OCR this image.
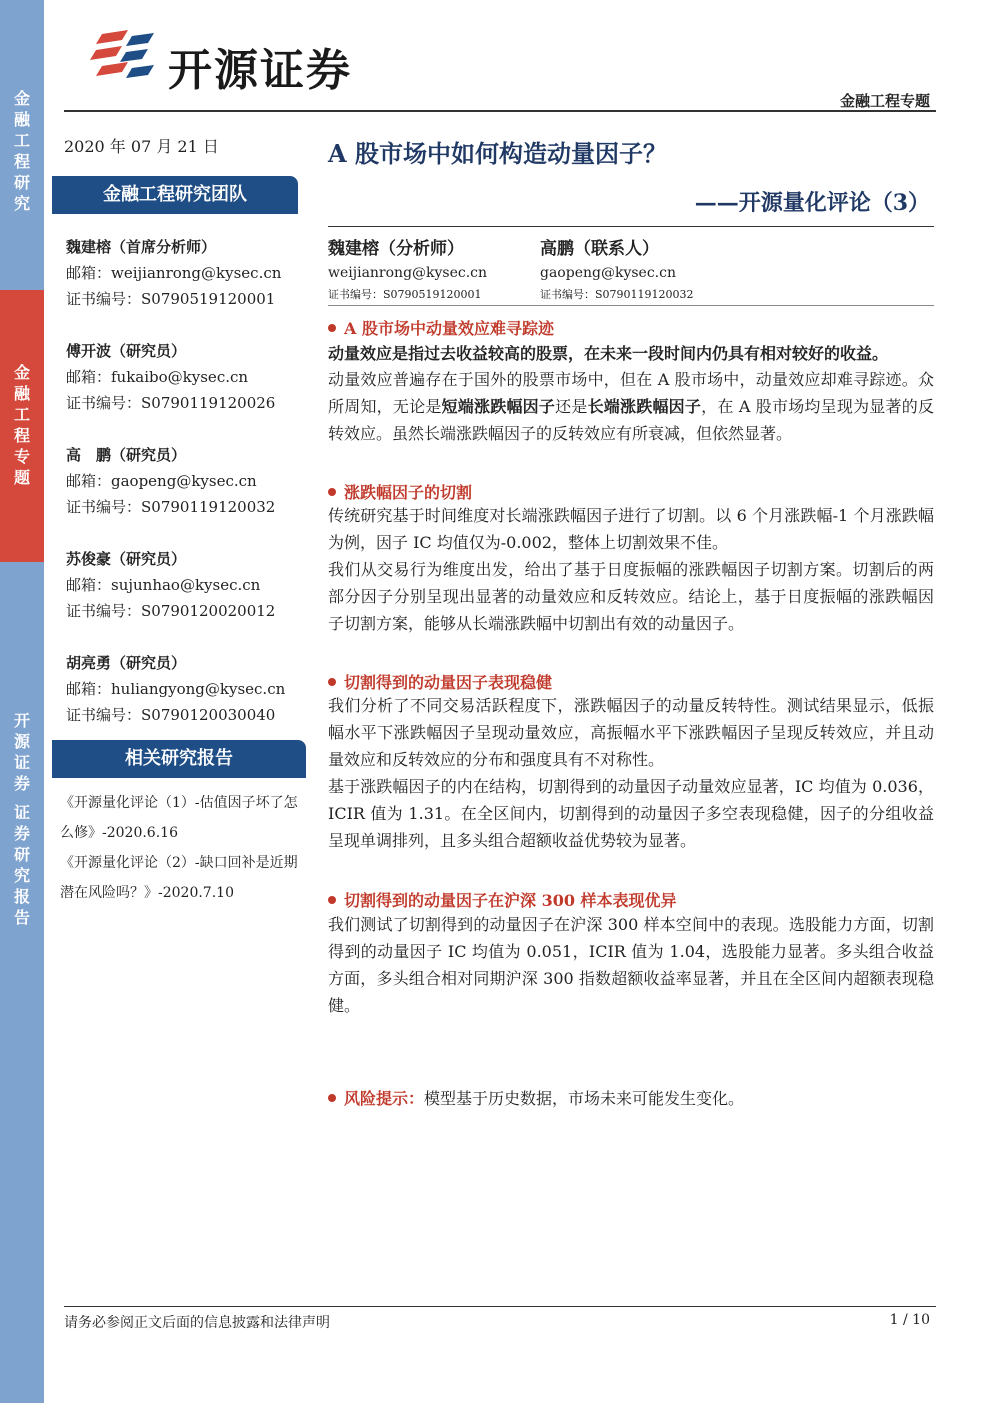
金
融
工
程
研
究
金
融
工
程
专
题
开
源
证
券

证
券
研
究
报
告
开源证券
金融工程专题
2020 年 07 月 21 日	A 股市场中如何构造动量因子？
——开源量化评论（3）
金融工程研究团队
魏建榕（首席分析师）
邮箱：weijianrong@kysec.cn
证书编号：S0790519120001
傅开波（研究员）
邮箱：fukaibo@kysec.cn
证书编号：S0790119120026
高　鹏（研究员）
邮箱：gaopeng@kysec.cn
证书编号：S0790119120032
苏俊豪（研究员）
邮箱：sujunhao@kysec.cn
证书编号：S0790120020012
胡亮勇（研究员）
邮箱：huliangyong@kysec.cn
证书编号：S0790120030040
相关研究报告
《开源量化评论（1）-估值因子坏了怎么修》-2020.6.16
《开源量化评论（2）-缺口回补是近期潜在风险吗？》-2020.7.10
魏建榕（分析师）
weijianrong@kysec.cn
证书编号：S0790519120001
高鹏（联系人）
gaopeng@kysec.cn
证书编号：S0790119120032
A 股市场中动量效应难寻踪迹
动量效应是指过去收益较高的股票，在未来一段时间内仍具有相对较好的收益。
动量效应普遍存在于国外的股票市场中，但在 A 股市场中，动量效应却难寻踪迹。众所周知，无论是短端涨跌幅因子还是长端涨跌幅因子，在 A 股市场均呈现为显著的反转效应。虽然长端涨跌幅因子的反转效应有所衰减，但依然显著。
涨跌幅因子的切割
传统研究基于时间维度对长端涨跌幅因子进行了切割。以 6 个月涨跌幅-1 个月涨跌幅为例，因子 IC 均值仅为-0.002，整体上切割效果不佳。
我们从交易行为维度出发，给出了基于日度振幅的涨跌幅因子切割方案。切割后的两部分因子分别呈现出显著的动量效应和反转效应。结论上，基于日度振幅的涨跌幅因子切割方案，能够从长端涨跌幅中切割出有效的动量因子。
切割得到的动量因子表现稳健
我们分析了不同交易活跃程度下，涨跌幅因子的动量反转特性。测试结果显示，低振幅水平下涨跌幅因子呈现动量效应，高振幅水平下涨跌幅因子呈现反转效应，并且动量效应和反转效应的分布和强度具有不对称性。
基于涨跌幅因子的内在结构，切割得到的动量因子动量效应显著，IC 均值为 0.036，ICIR 值为 1.31。在全区间内，切割得到的动量因子多空表现稳健，因子的分组收益呈现单调排列，且多头组合超额收益优势较为显著。
切割得到的动量因子在沪深 300 样本表现优异
我们测试了切割得到的动量因子在沪深 300 样本空间中的表现。选股能力方面，切割得到的动量因子 IC 均值为 0.051，ICIR 值为 1.04，选股能力显著。多头组合收益方面，多头组合相对同期沪深 300 指数超额收益率显著，并且在全区间内超额表现稳健。
风险提示：模型基于历史数据，市场未来可能发生变化。
请务必参阅正文后面的信息披露和法律声明	1 / 10
